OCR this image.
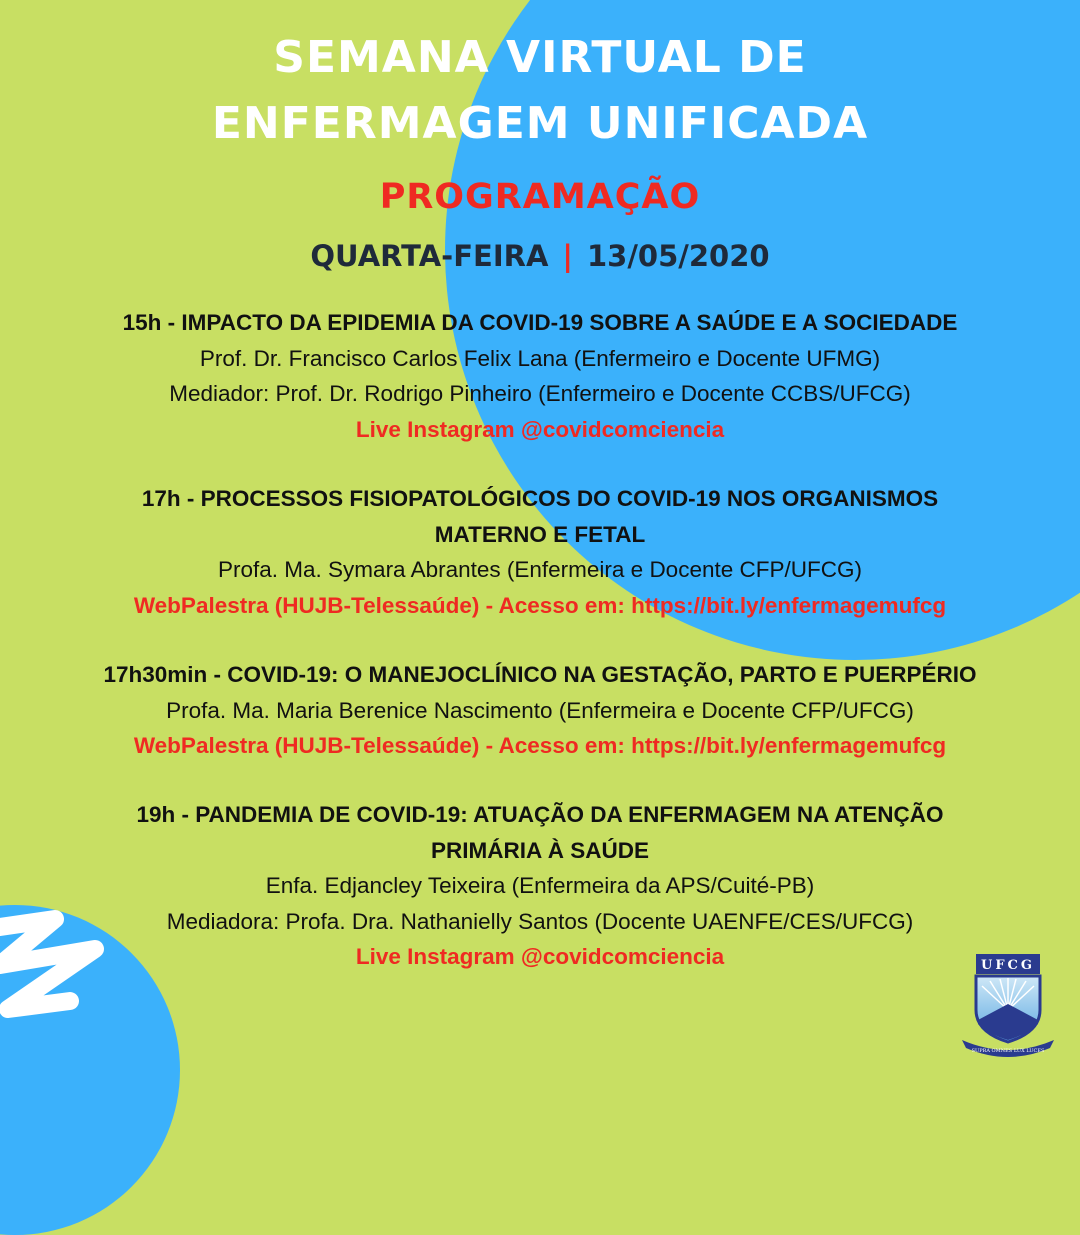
SEMANA VIRTUAL DE
ENFERMAGEM UNIFICADA
PROGRAMAÇÃO
QUARTA-FEIRA | 13/05/2020
15h - IMPACTO DA EPIDEMIA DA COVID-19 SOBRE A SAÚDE E A SOCIEDADE
Prof. Dr. Francisco Carlos Felix Lana (Enfermeiro e Docente UFMG)
Mediador: Prof. Dr. Rodrigo Pinheiro (Enfermeiro e Docente CCBS/UFCG)
Live Instagram @covidcomciencia
17h - PROCESSOS FISIOPATOLÓGICOS DO COVID-19 NOS ORGANISMOS
MATERNO E FETAL
Profa. Ma. Symara Abrantes (Enfermeira e Docente CFP/UFCG)
WebPalestra (HUJB-Telessaúde) - Acesso em: https://bit.ly/enfermagemufcg
17h30min - COVID-19: O MANEJOCLÍNICO NA GESTAÇÃO, PARTO E PUERPÉRIO
Profa. Ma. Maria Berenice Nascimento (Enfermeira e Docente CFP/UFCG)
WebPalestra (HUJB-Telessaúde) - Acesso em: https://bit.ly/enfermagemufcg
19h - PANDEMIA DE COVID-19: ATUAÇÃO DA ENFERMAGEM NA ATENÇÃO
PRIMÁRIA À SAÚDE
Enfa. Edjancley Teixeira (Enfermeira da APS/Cuité-PB)
Mediadora: Profa. Dra. Nathanielly Santos (Docente UAENFE/CES/UFCG)
Live Instagram @covidcomciencia	UFCG
SUPRA OMNES LUX LUCES
